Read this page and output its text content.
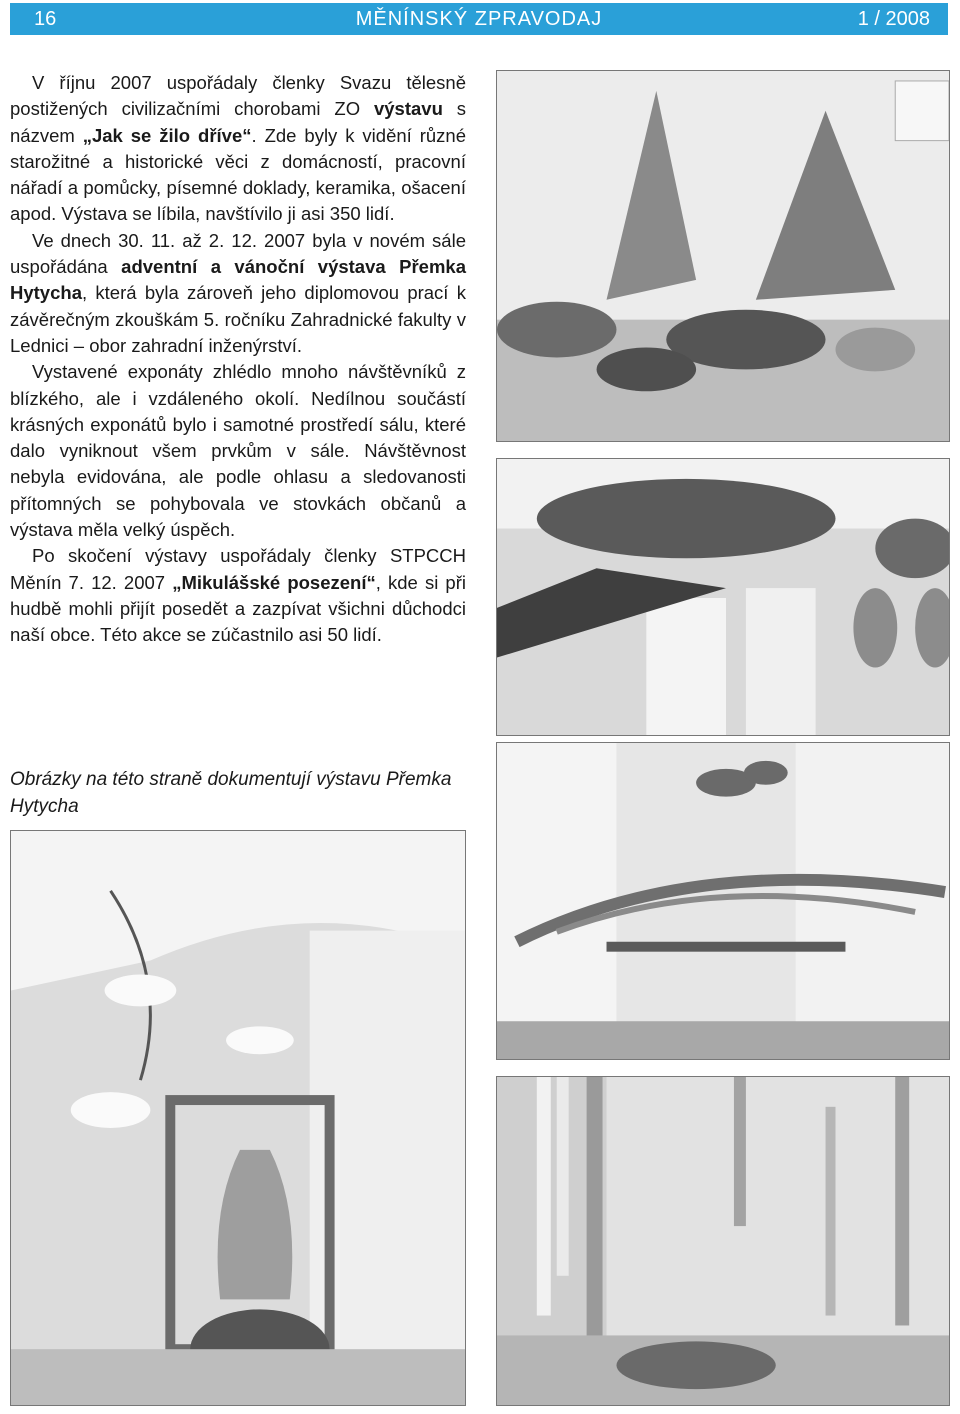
16	MĚNÍNSKÝ ZPRAVODAJ	1 / 2008

V říjnu 2007 uspořádaly členky Svazu tělesně postižených civilizačními chorobami ZO výstavu s názvem „Jak se žilo dříve“. Zde byly k vidění různé starožitné a historické věci z domácností, pracovní nářadí a pomůcky, písemné doklady, keramika, ošacení apod. Výstava se líbila, navštívilo ji asi 350 lidí.

Ve dnech 30. 11. až 2. 12. 2007 byla v novém sále uspořádána adventní a vánoční výstava Přemka Hytycha, která byla zároveň jeho diplomovou prací k závěrečným zkouškám 5. ročníku Zahradnické fakulty v Lednici – obor zahradní inženýrství.

Vystavené exponáty zhlédlo mnoho návštěvníků z blízkého, ale i vzdáleného okolí. Nedílnou součástí krásných exponátů bylo i samotné prostředí sálu, které dalo vyniknout všem prvkům v sále. Návštěvnost nebyla evidována, ale podle ohlasu a sledovanosti přítomných se pohybovala ve stovkách občanů a výstava měla velký úspěch.

Po skočení výstavy uspořádaly členky STPCCH Měnín 7. 12. 2007 „Mikulášské posezení“, kde si při hudbě mohli přijít posedět a zazpívat všichni důchodci naší obce. Této akce se zúčastnilo asi 50 lidí.

Obrázky na této straně dokumentují výstavu Přemka Hytycha
